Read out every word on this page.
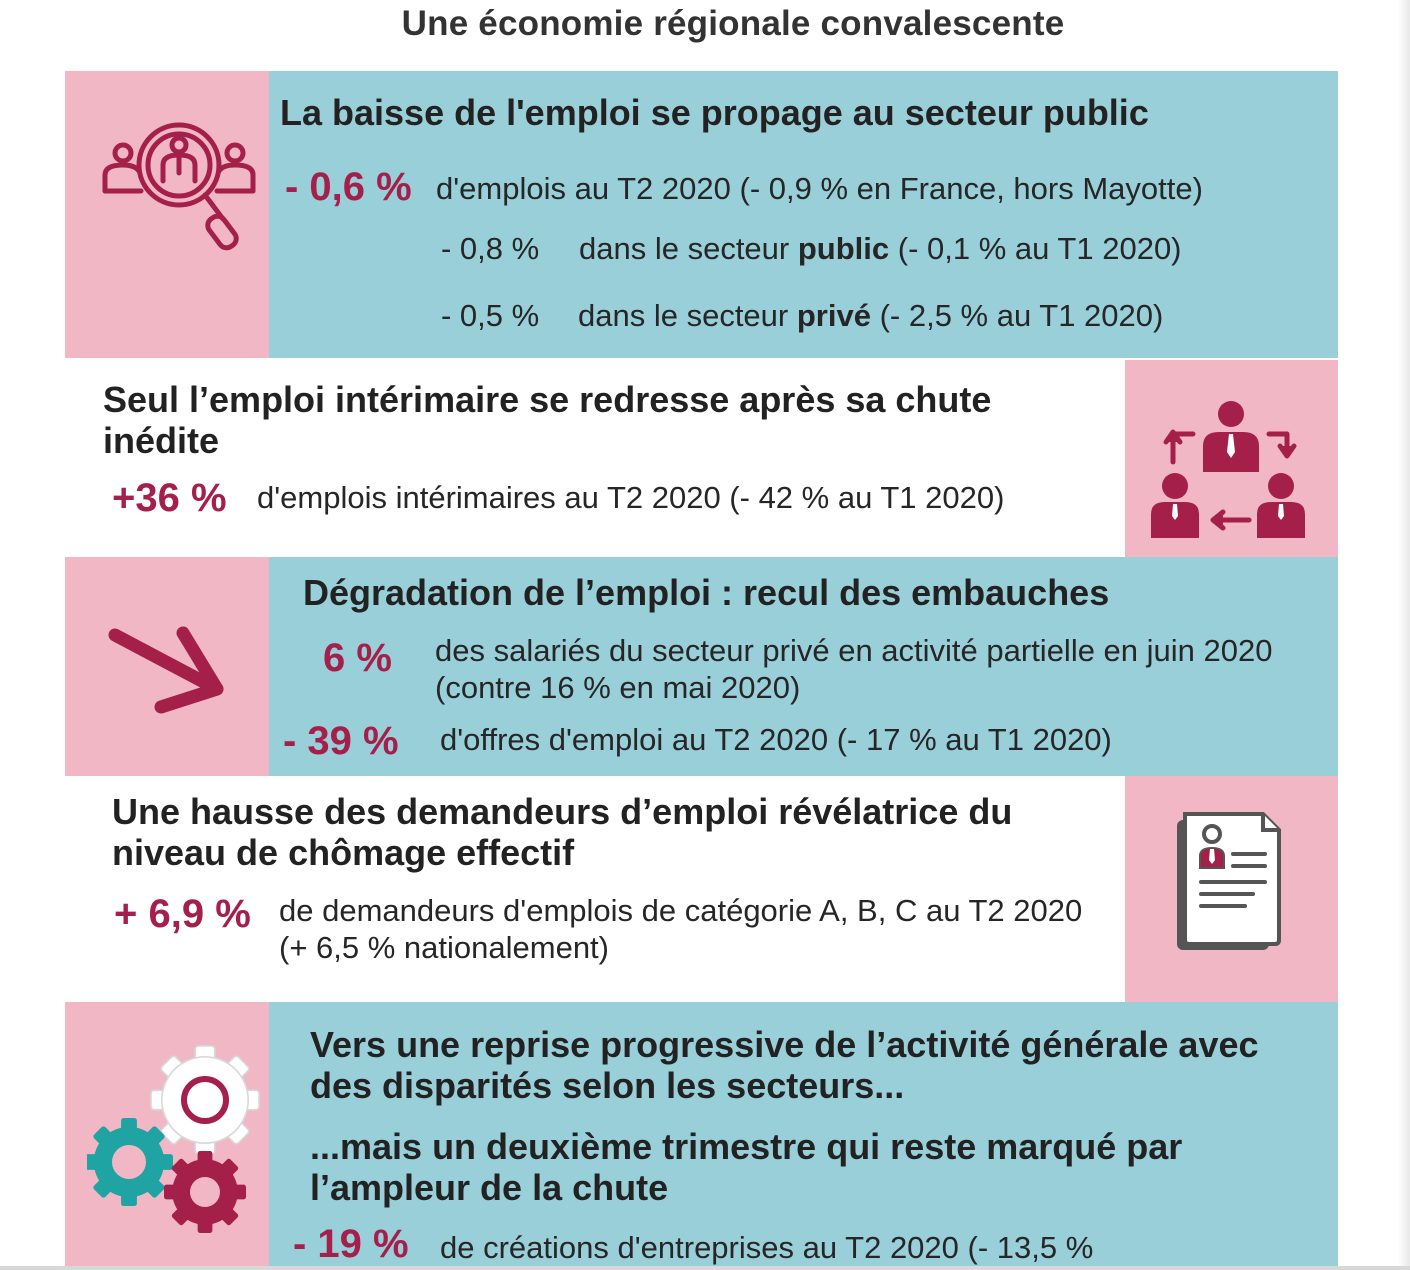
Une économie régionale convalescente
La baisse de l'emploi se propage au secteur public
- 0,6 % d'emplois au T2 2020 (- 0,9 % en France, hors Mayotte)
- 0,8 % dans le secteur public (- 0,1 % au T1 2020)
- 0,5 % dans le secteur privé (- 2,5 % au T1 2020)
Seul l’emploi intérimaire se redresse après sa chute inédite
+36 % d'emplois intérimaires au T2 2020 (- 42 % au T1 2020)
Dégradation de l’emploi : recul des embauches
6 % des salariés du secteur privé en activité partielle en juin 2020 (contre 16 % en mai 2020)
- 39 % d'offres d'emploi au T2 2020 (- 17 % au T1 2020)
Une hausse des demandeurs d’emploi révélatrice du niveau de chômage effectif
+ 6,9 % de demandeurs d'emplois de catégorie A, B, C au T2 2020 (+ 6,5 % nationalement)
Vers une reprise progressive de l’activité générale avec des disparités selon les secteurs...
...mais un deuxième trimestre qui reste marqué par l’ampleur de la chute
- 19 % de créations d'entreprises au T2 2020 (- 13,5 %
